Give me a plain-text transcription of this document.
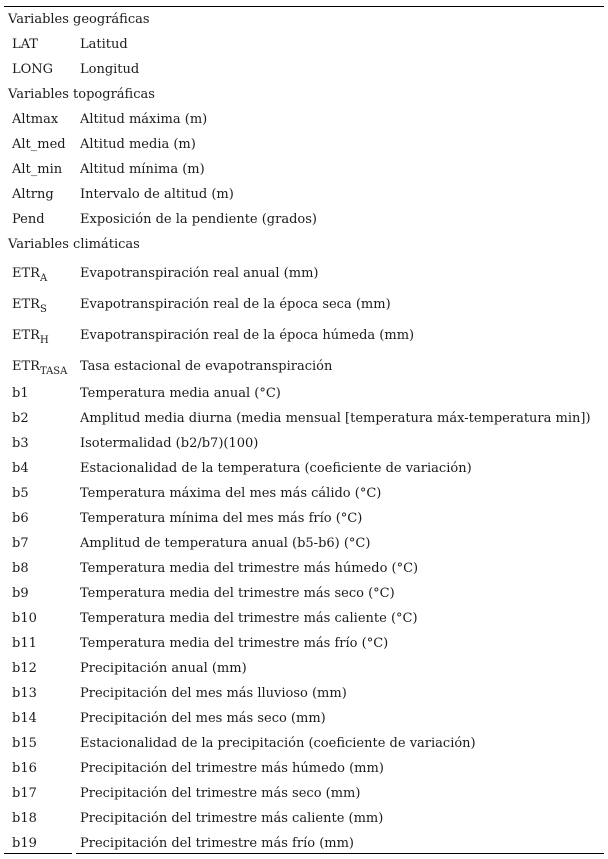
Variables geográficas
LAT	Latitud
LONG	Longitud
Variables topográficas
Altmax	Altitud máxima (m)
Alt_med	Altitud media (m)
Alt_min	Altitud mínima (m)
Altrng	Intervalo de altitud (m)
Pend	Exposición de la pendiente (grados)
Variables climáticas
$ETR_A$	Evapotranspiración real anual (mm)
$ETR_S$	Evapotranspiración real de la época seca (mm)
$ETR_H$	Evapotranspiración real de la época húmeda (mm)
$ETR_{TASA}$ Tasa estacional de evapotranspiración
b1	Temperatura media anual (°C)
b2	Amplitud media diurna (media mensual [temperatura máx-temperatura min])
b3	Isotermalidad (b2/b7)(100)
b4	Estacionalidad de la temperatura (coeficiente de variación)
b5	Temperatura máxima del mes más cálido (°C)
b6	Temperatura mínima del mes más frío (°C)
b7	Amplitud de temperatura anual (b5-b6) (°C)
b8	Temperatura media del trimestre más húmedo (°C)
b9	Temperatura media del trimestre más seco (°C)
b10	Temperatura media del trimestre más caliente (°C)
b11	Temperatura media del trimestre más frío (°C)
b12	Precipitación anual (mm)
b13	Precipitación del mes más lluvioso (mm)
b14	Precipitación del mes más seco (mm)
b15	Estacionalidad de la precipitación (coeficiente de variación)
b16	Precipitación del trimestre más húmedo (mm)
b17	Precipitación del trimestre más seco (mm)
b18	Precipitación del trimestre más caliente (mm)
b19	Precipitación del trimestre más frío (mm)
